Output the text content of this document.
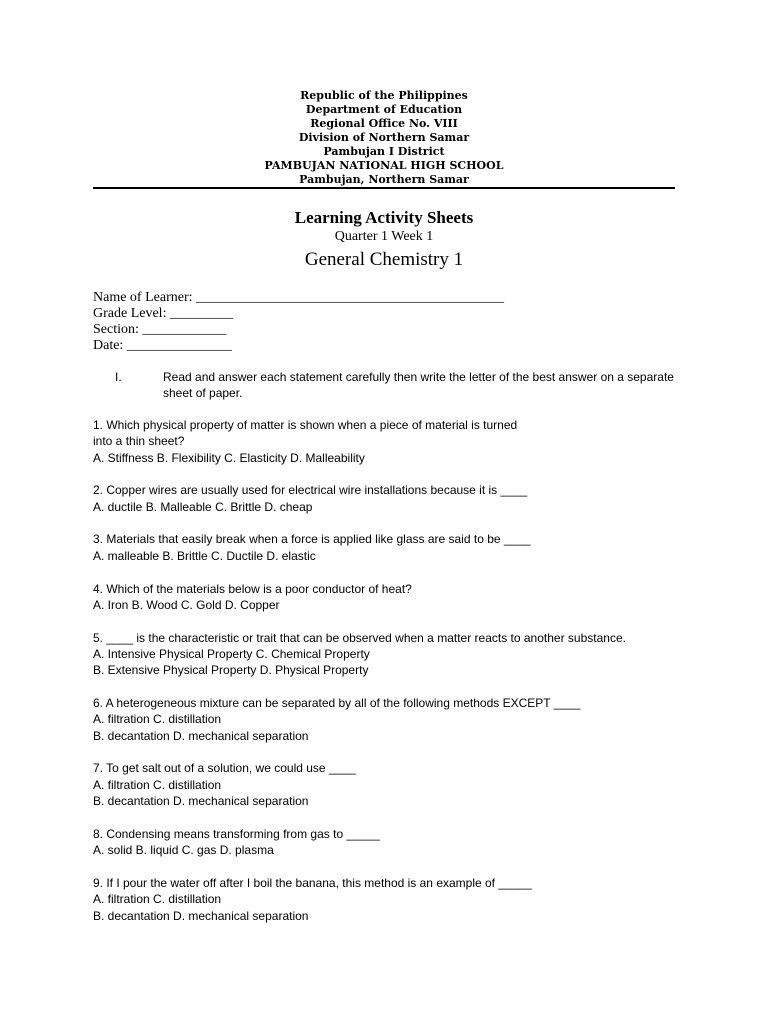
Republic of the Philippines
Department of Education
Regional Office No. VIII
Division of Northern Samar
Pambujan I District
PAMBUJAN NATIONAL HIGH SCHOOL
Pambujan, Northern Samar
Learning Activity Sheets
Quarter 1 Week 1
General Chemistry 1
Name of Learner: ____________________________________________
Grade Level: _________
Section: ____________
Date: _______________
I.	Read and answer each statement carefully then write the letter of the best answer on a separate sheet of paper.
1. Which physical property of matter is shown when a piece of material is turned
into a thin sheet?
A. Stiffness B. Flexibility C. Elasticity D. Malleability
2. Copper wires are usually used for electrical wire installations because it is ____
A. ductile B. Malleable C. Brittle D. cheap
3. Materials that easily break when a force is applied like glass are said to be ____
A. malleable B. Brittle C. Ductile D. elastic
4. Which of the materials below is a poor conductor of heat?
A. Iron B. Wood C. Gold D. Copper
5. ____ is the characteristic or trait that can be observed when a matter reacts to another substance.
A. Intensive Physical Property C. Chemical Property
B. Extensive Physical Property D. Physical Property
6. A heterogeneous mixture can be separated by all of the following methods EXCEPT ____
A. filtration C. distillation
B. decantation D. mechanical separation
7. To get salt out of a solution, we could use ____
A. filtration C. distillation
B. decantation D. mechanical separation
8. Condensing means transforming from gas to _____
A. solid B. liquid C. gas D. plasma
9. If I pour the water off after I boil the banana, this method is an example of _____
A. filtration C. distillation
B. decantation D. mechanical separation
